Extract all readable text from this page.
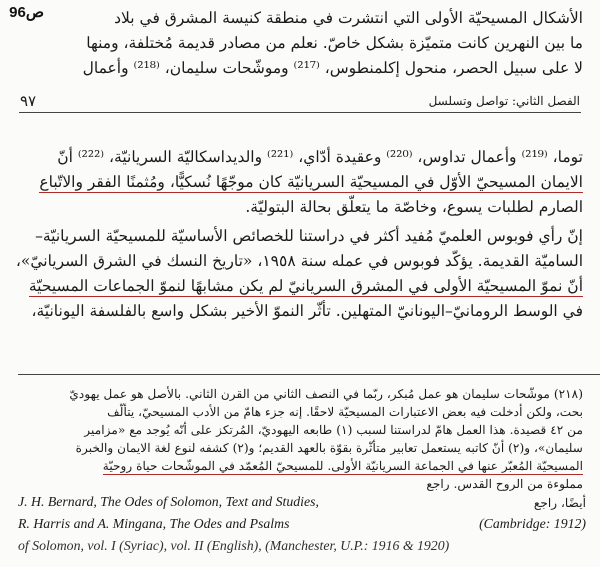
ص96	الأشكال المسيحيّة الأولى التي انتشرت في منطقة كنيسة المشرق في بلاد
ما بين النهرين كانت متميّزة بشكل خاصّ. نعلم من مصادر قديمة مُختلفة، ومنها
لا على سبيل الحصر، منحول إكلمنطوس، ⁽²¹⁷⁾ وموشّحات سليمان، ⁽²¹⁸⁾ وأعمال
الفصل الثاني: تواصل وتسلسل
٩٧
توما، ⁽²¹⁹⁾ وأعمال تداوس، ⁽²²⁰⁾ وعقيدة أدّاي، ⁽²²¹⁾ والديداسكاليّة السريانيّة، ⁽²²²⁾ أنّ
الايمان المسيحيّ الأوّل في المسيحيّة السريانيّة كان موجّهًا نُسكيًّا، ومُثمنًا الفقر والاتّباع
الصارم لطلبات يسوع، وخاصّة ما يتعلّق بحالة البتوليّة.
إنّ رأي فوبوس العلميّ مُفيد أكثر في دراستنا للخصائص الأساسيّة للمسيحيّة السريانيّة–
الساميّة القديمة. يؤكّد فوبوس في عمله سنة ١٩٥٨، «تاريخ النسك في الشرق السريانيّ»،
أنّ نموّ المسيحيّة الأولى في المشرق السريانيّ لم يكن مشابهًا لنموّ الجماعات المسيحيّة
في الوسط الرومانيّ–اليونانيّ المتهلين. تأثّر النموّ الأخير بشكل واسع بالفلسفة اليونانيّة،
(٢١٨) موشّحات سليمان هو عمل مُبكر، ربّما في النصف الثاني من القرن الثاني. بالأصل هو عمل يهوديّ
بحت، ولكن أدخلت فيه بعض الاعتبارات المسيحيّة لاحقًا. إنه جزء هامّ من الأدب المسيحيّ، يتألّف
من ٤٢ قصيدة. هذا العمل هامّ لدراستنا لسبب (١) طابعه اليهوديّ، المُرتكز على أنّه يُوجد مع «مزامير
سليمان»، و(٢) أنّ كاتبه يستعمل تعابير متأثّرة بقوّة بالعهد القديم؛ و(٢) كشفه لنوع لغة الايمان والخبرة
المسيحيّة المُعبّر عنها في الجماعة السريانيّة الأولى. للمسيحيّ المُعمّد في الموشّحات حياة روحيّة
مملوءة من الروح القدس. راجع
J. H. Bernard, The Odes of Solomon, Text and Studies,
R. Harris and A. Mingana, The Odes and Psalms
of Solomon, vol. I (Syriac), vol. II (English), (Manchester, U.P.: 1916 & 1920)
(Cambridge: 1912)
أيضًا، راجع
